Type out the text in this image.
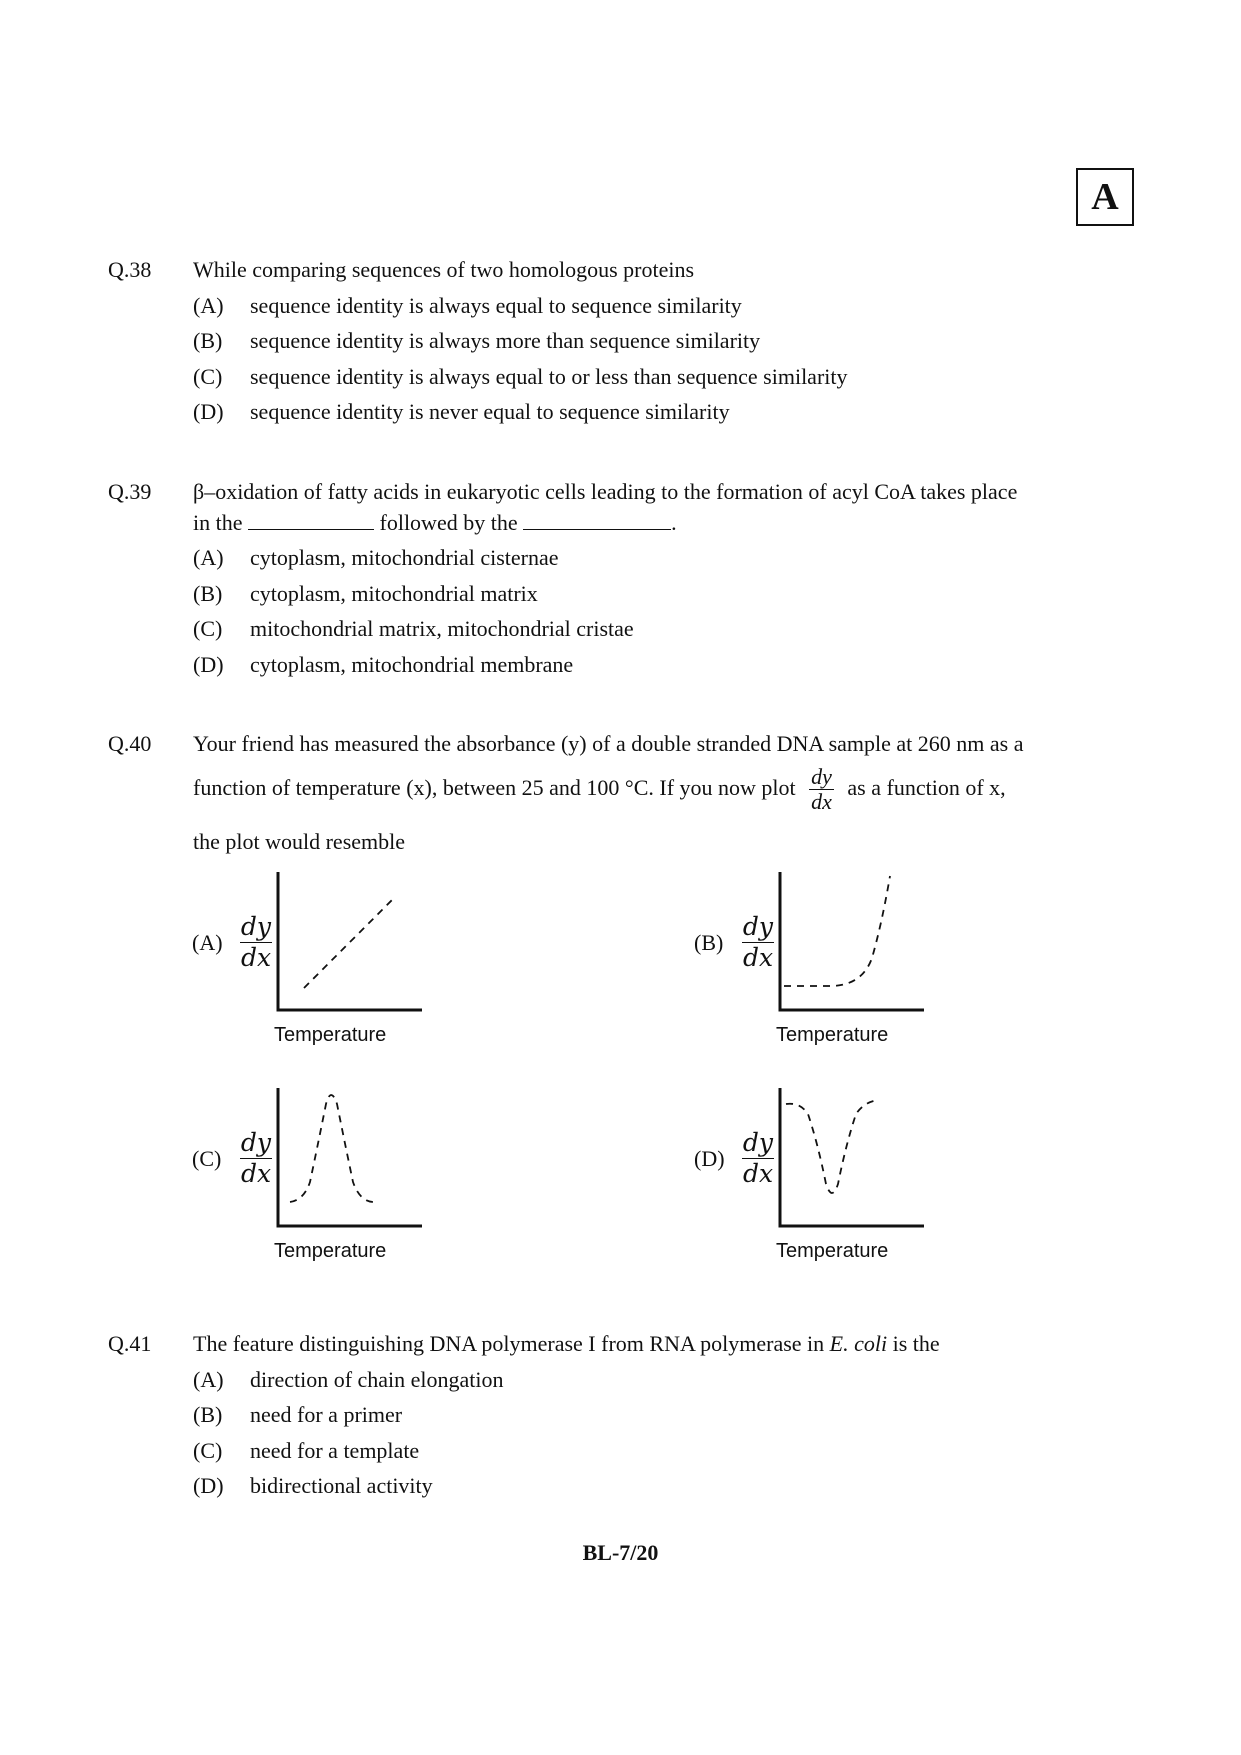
A
Q.38 While comparing sequences of two homologous proteins
(A) sequence identity is always equal to sequence similarity
(B) sequence identity is always more than sequence similarity
(C) sequence identity is always equal to or less than sequence similarity
(D) sequence identity is never equal to sequence similarity
Q.39 β–oxidation of fatty acids in eukaryotic cells leading to the formation of acyl CoA takes place
in the	followed by the	.
(A) cytoplasm, mitochondrial cisternae
(B) cytoplasm, mitochondrial matrix
(C) mitochondrial matrix, mitochondrial cristae
(D) cytoplasm, mitochondrial membrane
Q.40 Your friend has measured the absorbance (y) of a double stranded DNA sample at 260 nm as a
function of temperature (x), between 25 and 100 °C. If you now plot $\frac{dy}{dx}$ as a function of x,
the plot would resemble
$(A) \frac{dy}{dx}$
Temperature
$(B) \frac{dy}{dx}$
Temperature
$(C) \frac{dy}{dx}$
Temperature
$(D) \frac{dy}{dx}$
Temperature
Q.41 The feature distinguishing DNA polymerase I from RNA polymerase in E. coli is the
(A) direction of chain elongation
(B) need for a primer
(C) need for a template
(D) bidirectional activity
BL-7/20
